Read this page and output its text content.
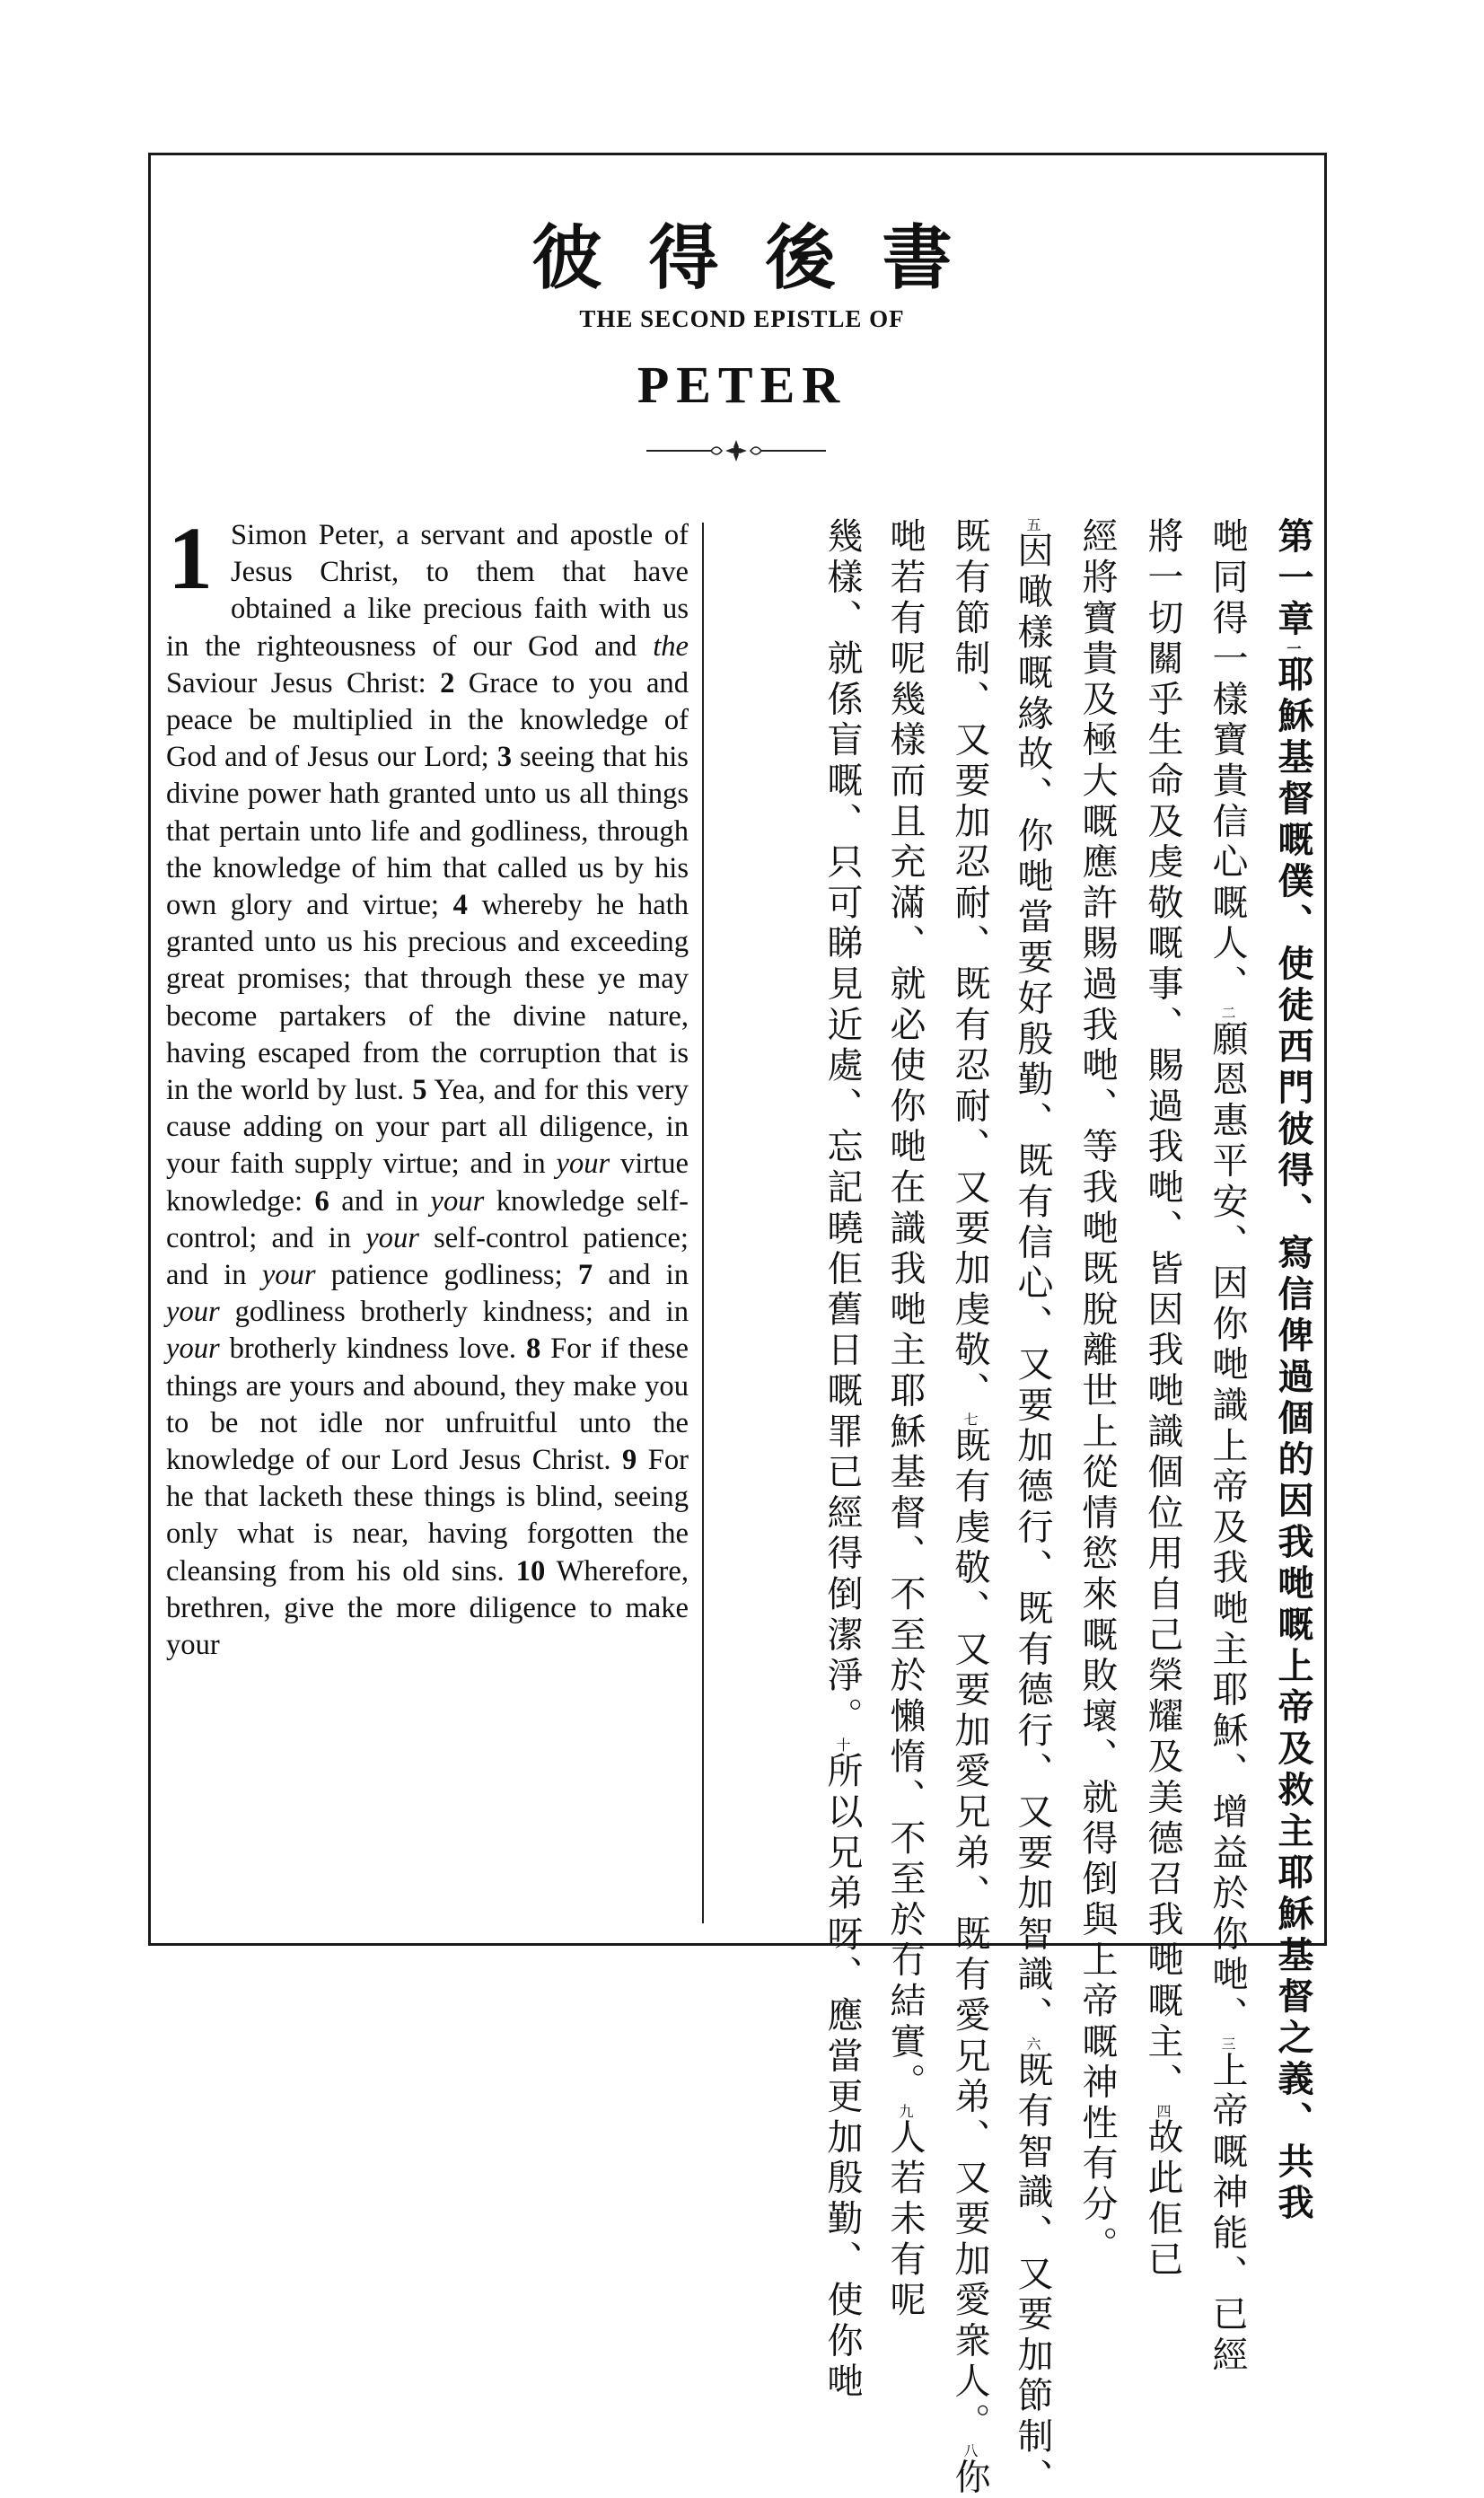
彼得後書
THE SECOND EPISTLE OF
PETER
1 Simon Peter, a servant and apostle of Jesus Christ, to them that have obtained a like precious faith with us in the righteousness of our God and the Saviour Jesus Christ: 2 Grace to you and peace be multiplied in the knowledge of God and of Jesus our Lord; 3 seeing that his divine power hath granted unto us all things that pertain unto life and godliness, through the knowledge of him that called us by his own glory and virtue; 4 whereby he hath granted unto us his precious and exceeding great promises; that through these ye may become partakers of the divine nature, having escaped from the corruption that is in the world by lust. 5 Yea, and for this very cause adding on your part all diligence, in your faith supply virtue; and in your virtue knowledge: 6 and in your knowledge self-control; and in your self-control patience; and in your patience godliness; 7 and in your godliness brotherly kindness; and in your brotherly kindness love. 8 For if these things are yours and abound, they make you to be not idle nor unfruitful unto the knowledge of our Lord Jesus Christ. 9 For he that lacketh these things is blind, seeing only what is near, having forgotten the cleansing from his old sins. 10 Wherefore, brethren, give the more diligence to make your
第一章一耶穌基督嘅僕、使徒西門彼得、寫信俾過個的因我哋嘅上帝及救主耶穌基督之義、共我
哋同得一樣寶貴信心嘅人、二願恩惠平安、因你哋識上帝及我哋主耶穌、增益於你哋、三上帝嘅神能、已經
將一切關乎生命及虔敬嘅事、賜過我哋、皆因我哋識個位用自己榮耀及美德召我哋嘅主、四故此佢已
經將寶貴及極大嘅應許賜過我哋、等我哋既脫離世上從情慾來嘅敗壞、就得倒與上帝嘅神性有分。
五因噉樣嘅緣故、你哋當要好殷勤、既有信心、又要加德行、既有德行、又要加智識、六既有智識、又要加節制、
既有節制、又要加忍耐、既有忍耐、又要加虔敬、七既有虔敬、又要加愛兄弟、既有愛兄弟、又要加愛衆人。八你
哋若有呢幾樣而且充滿、就必使你哋在識我哋主耶穌基督、不至於懶惰、不至於冇結實。九人若未有呢
幾樣、就係盲嘅、只可睇見近處、忘記曉佢舊日嘅罪已經得倒潔淨。十所以兄弟呀、應當更加殷勤、使你哋
